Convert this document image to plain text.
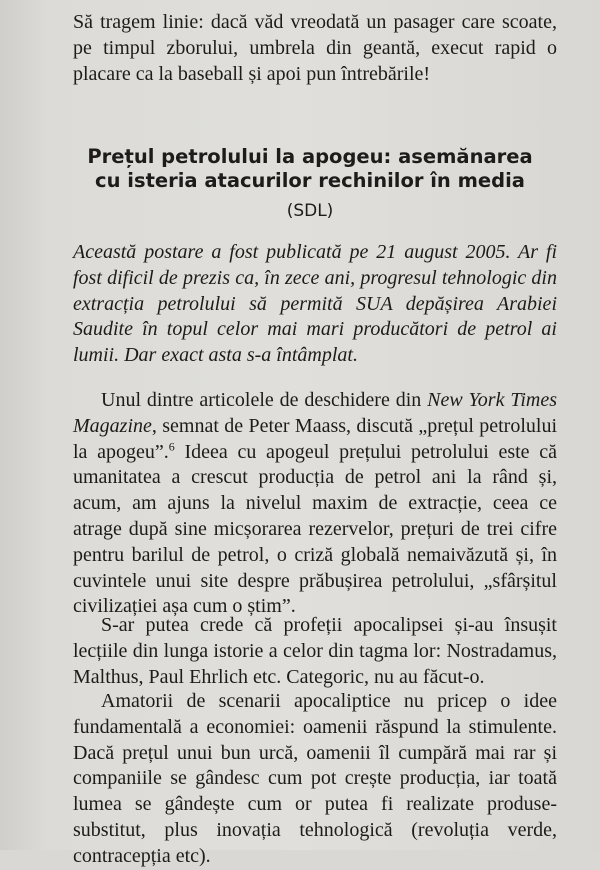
Să tragem linie: dacă văd vreodată un pasager care scoate, pe timpul zborului, umbrela din geantă, execut rapid o placare ca la baseball și apoi pun întrebările!

Prețul petrolului la apogeu: asemănarea
cu isteria atacurilor rechinilor în media

(SDL)

Această postare a fost publicată pe 21 august 2005. Ar fi fost dificil de prezis ca, în zece ani, progresul tehnologic din extracția petrolului să permită SUA depășirea Arabiei Saudite în topul celor mai mari producători de petrol ai lumii. Dar exact asta s-a întâmplat.

Unul dintre articolele de deschidere din New York Times Magazine, semnat de Peter Maass, discută „prețul petrolului la apogeu”.$^6$ Ideea cu apogeul prețului petrolului este că umanitatea a crescut producția de petrol ani la rând și, acum, am ajuns la nivelul maxim de extracție, ceea ce atrage după sine micșorarea rezervelor, prețuri de trei cifre pentru barilul de petrol, o criză globală nemaivăzută și, în cuvintele unui site despre prăbușirea petrolului, „sfârșitul civilizației așa cum o știm”.

S-ar putea crede că profeții apocalipsei și-au însușit lecțiile din lunga istorie a celor din tagma lor: Nostradamus, Malthus, Paul Ehrlich etc. Categoric, nu au făcut-o.

Amatorii de scenarii apocaliptice nu pricep o idee fundamentală a economiei: oamenii răspund la stimulente. Dacă prețul unui bun urcă, oamenii îl cumpără mai rar și companiile se gândesc cum pot crește producția, iar toată lumea se gândește cum or putea fi realizate produse-substitut, plus inovația tehnologică (revoluția verde, contracepția etc).
